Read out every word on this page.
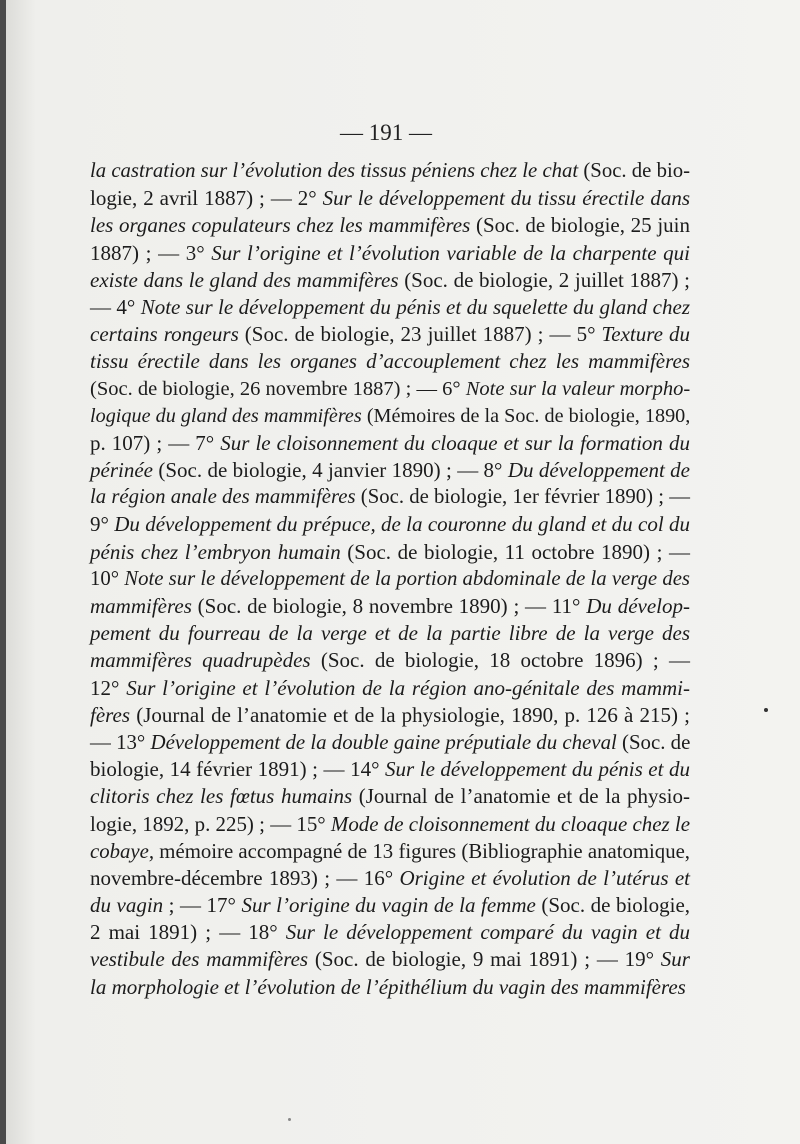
— 191 —
la castration sur l’évolution des tissus péniens chez le chat (Soc. de bio-
logie, 2 avril 1887) ; — 2° Sur le développement du tissu érectile dans
les organes copulateurs chez les mammifères (Soc. de biologie, 25 juin
1887) ; — 3° Sur l’origine et l’évolution variable de la charpente qui
existe dans le gland des mammifères (Soc. de biologie, 2 juillet 1887) ;
— 4° Note sur le développement du pénis et du squelette du gland chez
certains rongeurs (Soc. de biologie, 23 juillet 1887) ; — 5° Texture du
tissu érectile dans les organes d’accouplement chez les mammifères
(Soc. de biologie, 26 novembre 1887) ; — 6° Note sur la valeur morpho-
logique du gland des mammifères (Mémoires de la Soc. de biologie, 1890,
p. 107) ; — 7° Sur le cloisonnement du cloaque et sur la formation du
périnée (Soc. de biologie, 4 janvier 1890) ; — 8° Du développement de
la région anale des mammifères (Soc. de biologie, 1er février 1890) ; —
9° Du développement du prépuce, de la couronne du gland et du col du
pénis chez l’embryon humain (Soc. de biologie, 11 octobre 1890) ; —
10° Note sur le développement de la portion abdominale de la verge des
mammifères (Soc. de biologie, 8 novembre 1890) ; — 11° Du dévelop-
pement du fourreau de la verge et de la partie libre de la verge des
mammifères quadrupèdes (Soc. de biologie, 18 octobre 1896) ; —
12° Sur l’origine et l’évolution de la région ano-génitale des mammi-
fères (Journal de l’anatomie et de la physiologie, 1890, p. 126 à 215) ;
— 13° Développement de la double gaine préputiale du cheval (Soc. de
biologie, 14 février 1891) ; — 14° Sur le développement du pénis et du
clitoris chez les fœtus humains (Journal de l’anatomie et de la physio-
logie, 1892, p. 225) ; — 15° Mode de cloisonnement du cloaque chez le
cobaye, mémoire accompagné de 13 figures (Bibliographie anatomique,
novembre-décembre 1893) ; — 16° Origine et évolution de l’utérus et
du vagin ; — 17° Sur l’origine du vagin de la femme (Soc. de biologie,
2 mai 1891) ; — 18° Sur le développement comparé du vagin et du
vestibule des mammifères (Soc. de biologie, 9 mai 1891) ; — 19° Sur
la morphologie et l’évolution de l’épithélium du vagin des mammifères
